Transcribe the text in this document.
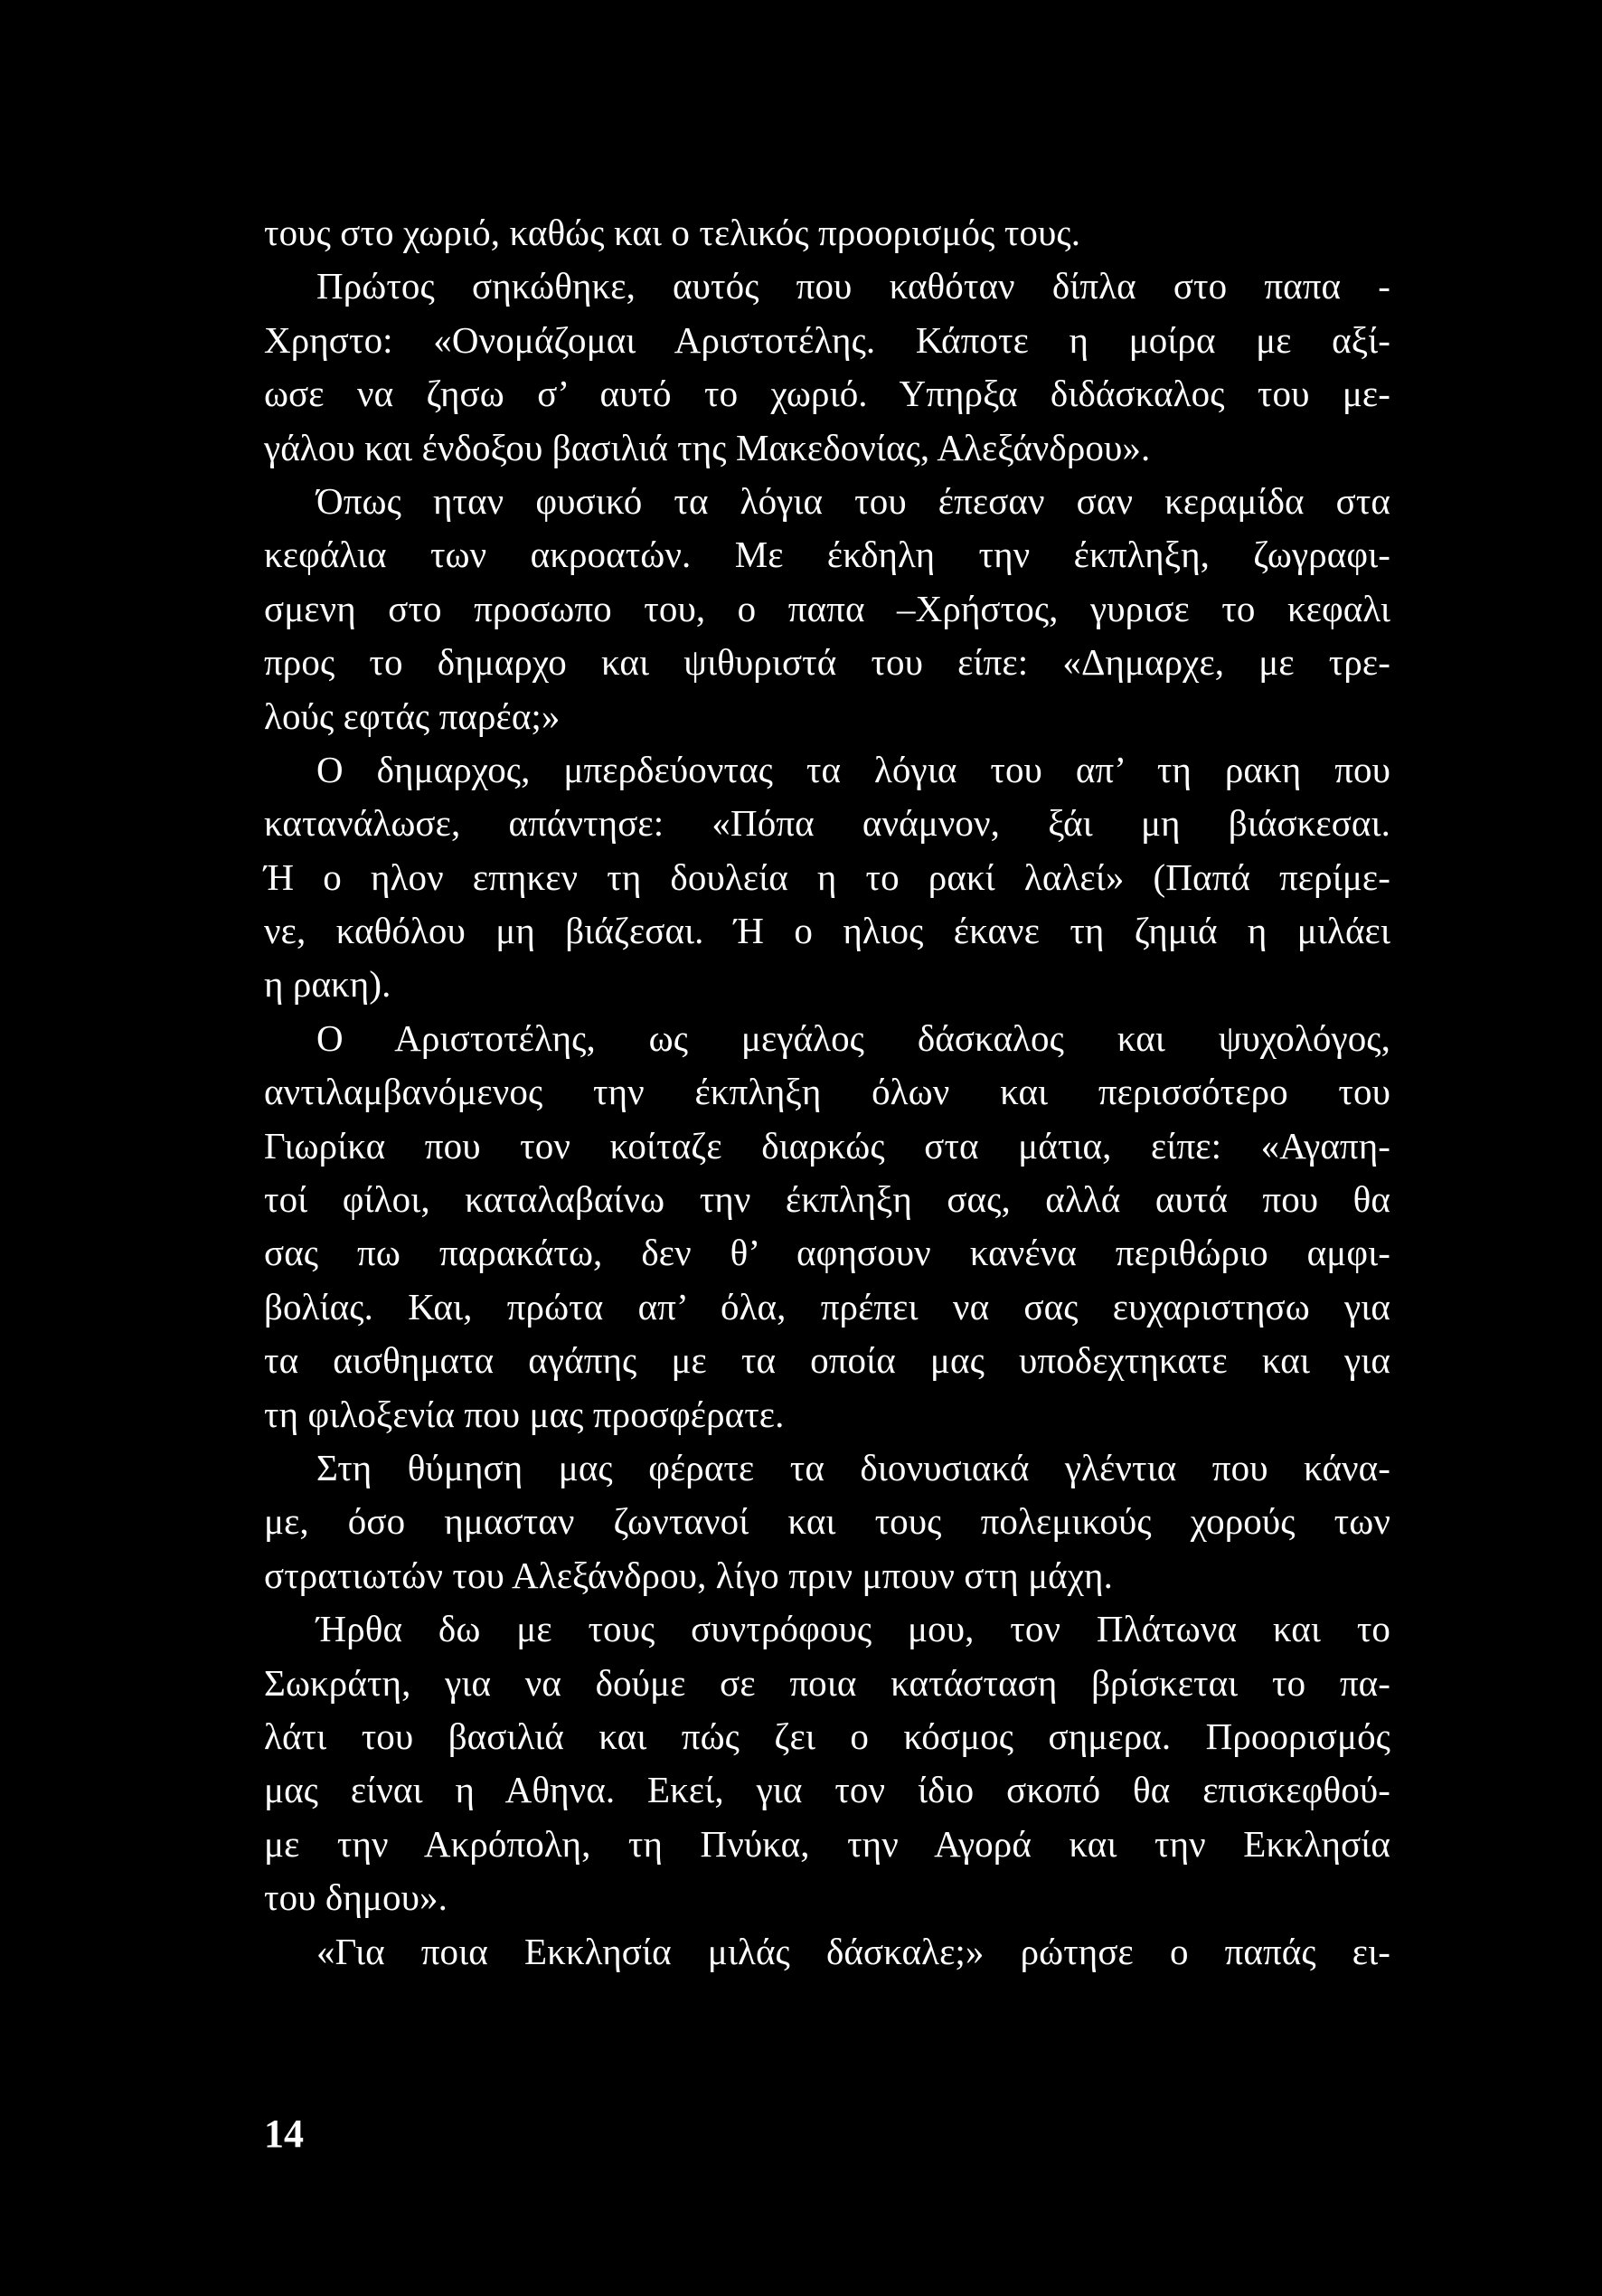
τους στο χωριό, καθώς και ο τελικός προορισμός τους.
Πρώτος σηκώθηκε, αυτός που καθόταν δίπλα στο παπα -
Χρηστο: «Ονομάζομαι Αριστοτέλης. Κάποτε η μοίρα με αξί-
ωσε να ζησω σ’ αυτό το χωριό. Υπηρξα διδάσκαλος του με-
γάλου και ένδοξου βασιλιά της Μακεδονίας, Αλεξάνδρου».
Όπως ηταν φυσικό τα λόγια του έπεσαν σαν κεραμίδα στα
κεφάλια των ακροατών. Με έκδηλη την έκπληξη, ζωγραφι-
σμενη στο προσωπο του, ο παπα –Χρήστος, γυρισε το κεφαλι
προς το δημαρχο και ψιθυριστά του είπε: «Δημαρχε, με τρε-
λούς εφτάς παρέα;»
Ο δημαρχος, μπερδεύοντας τα λόγια του απ’ τη ρακη που
κατανάλωσε, απάντησε: «Πόπα ανάμνον, ξάι μη βιάσκεσαι.
Ή ο ηλον επηκεν τη δουλεία η το ρακί λαλεί» (Παπά περίμε-
νε, καθόλου μη βιάζεσαι. Ή ο ηλιος έκανε τη ζημιά η μιλάει
η ρακη).
Ο Αριστοτέλης, ως μεγάλος δάσκαλος και ψυχολόγος,
αντιλαμβανόμενος την έκπληξη όλων και περισσότερο του
Γιωρίκα που τον κοίταζε διαρκώς στα μάτια, είπε: «Αγαπη-
τοί φίλοι, καταλαβαίνω την έκπληξη σας, αλλά αυτά που θα
σας πω παρακάτω, δεν θ’ αφησουν κανένα περιθώριο αμφι-
βολίας. Και, πρώτα απ’ όλα, πρέπει να σας ευχαριστησω για
τα αισθηματα αγάπης με τα οποία μας υποδεχτηκατε και για
τη φιλοξενία που μας προσφέρατε.
Στη θύμηση μας φέρατε τα διονυσιακά γλέντια που κάνα-
με, όσο ημασταν ζωντανοί και τους πολεμικούς χορούς των
στρατιωτών του Αλεξάνδρου, λίγο πριν μπουν στη μάχη.
Ήρθα δω με τους συντρόφους μου, τον Πλάτωνα και το
Σωκράτη, για να δούμε σε ποια κατάσταση βρίσκεται το πα-
λάτι του βασιλιά και πώς ζει ο κόσμος σημερα. Προορισμός
μας είναι η Αθηνα. Εκεί, για τον ίδιο σκοπό θα επισκεφθού-
με την Ακρόπολη, τη Πνύκα, την Αγορά και την Εκκλησία
του δημου».
«Για ποια Εκκλησία μιλάς δάσκαλε;» ρώτησε ο παπάς ει-
14
